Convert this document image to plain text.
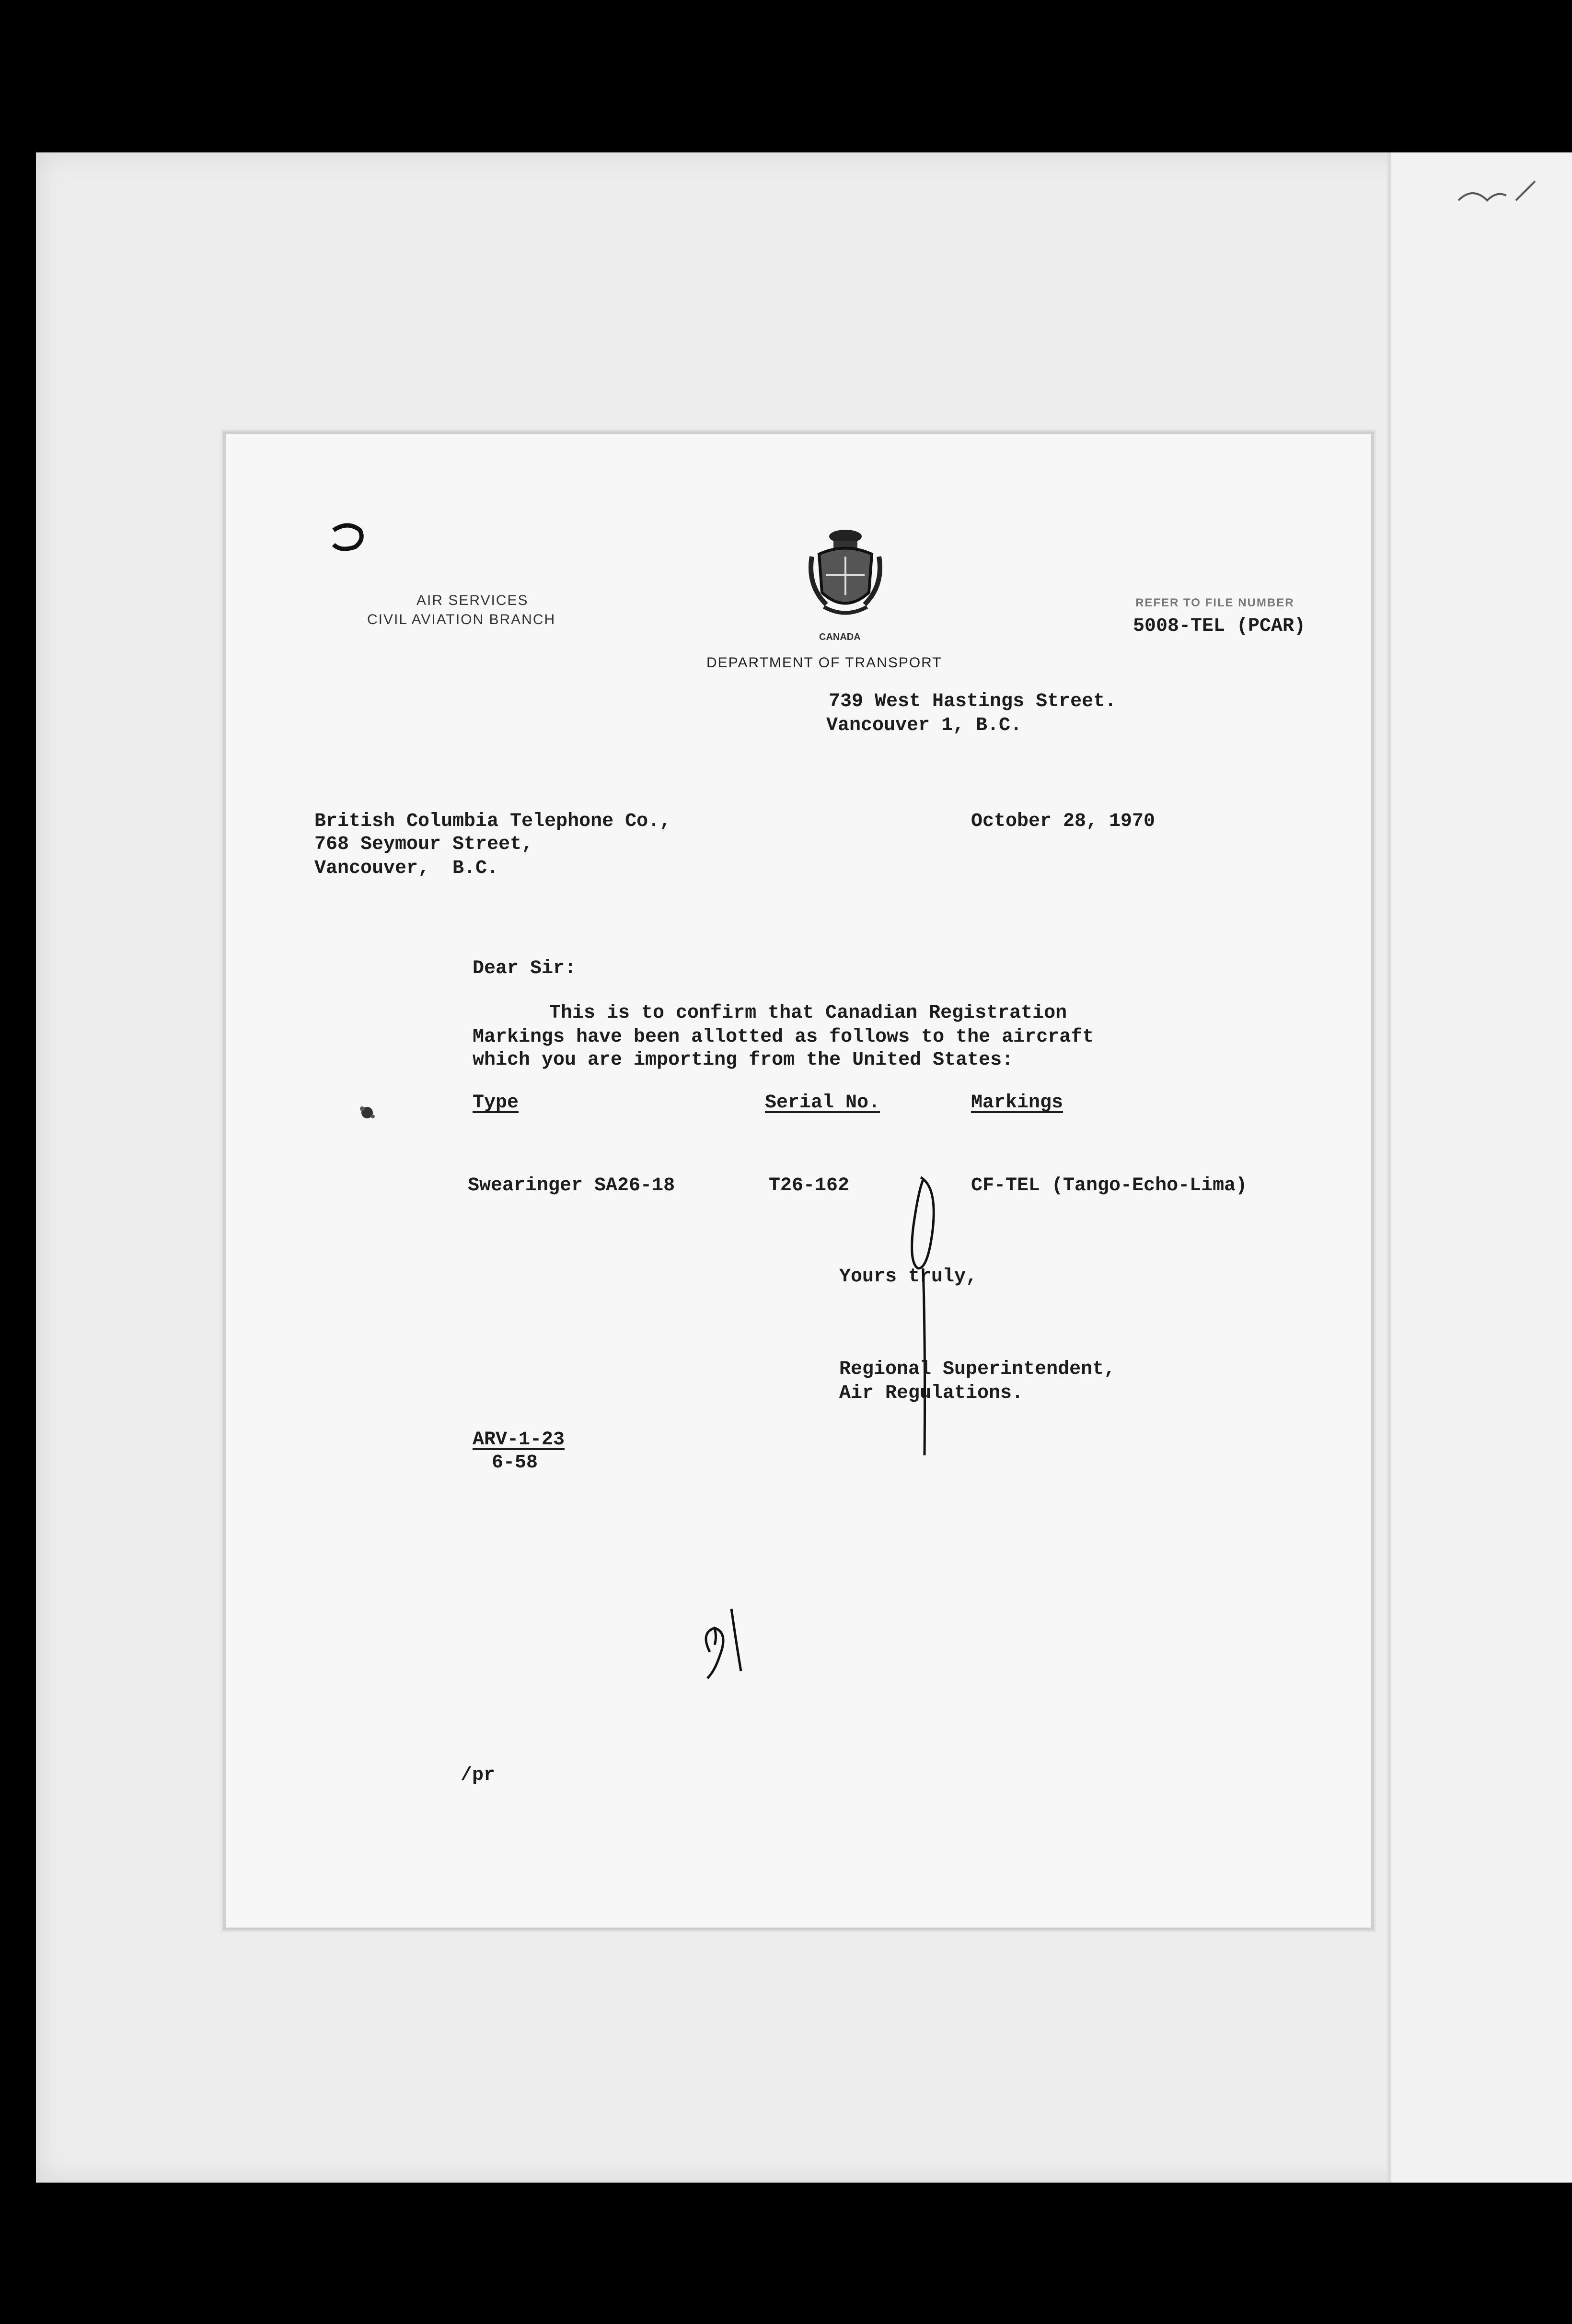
AIR SERVICES
CIVIL AVIATION BRANCH
CANADA
DEPARTMENT OF TRANSPORT
REFER TO FILE NUMBER
5008-TEL (PCAR)
739 West Hastings Street.
Vancouver 1, B.C.
British Columbia Telephone Co.,
768 Seymour Street,
Vancouver,  B.C.
October 28, 1970
Dear Sir:
This is to confirm that Canadian Registration
Markings have been allotted as follows to the aircraft
which you are importing from the United States:
Type	Serial No.	Markings
Swearinger SA26-18	T26-162	CF-TEL (Tango-Echo-Lima)
Yours truly,
Regional Superintendent,
Air Regulations.
ARV-1-23
6-58
/pr
